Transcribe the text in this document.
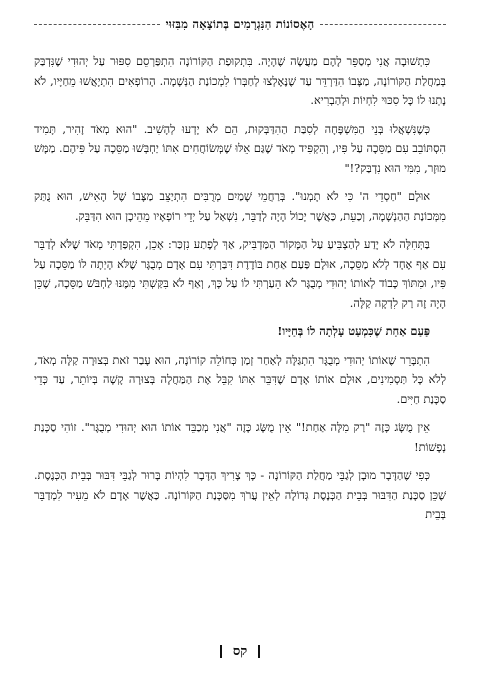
הָאֶסוֹנוֹת הַנִּגְרָמִים בְּתוֹצָאָה מִבִּזּוּי

כִּתְשׁוּבָה אֲנִי מְסַפֵּר לָהֶם מַעֲשֶׂה שֶׁהָיָה. בִּתְקוּפַת הַקּוֹרוֹנָה הִתְפַּרְסֵם סִפּוּר עַל יְהוּדִי שֶׁנִּדְבַּק בְּמַחֲלַת הַקּוֹרוֹנָה, מַצָּבוֹ הִדַּרְדֵּר עַד שֶׁנֶּאֶלְצוּ לְחַבְּרוֹ לִמְכוֹנַת הַנְּשָׁמָה. הָרוֹפְאִים הִתְיָאֲשׁוּ מֵחַיָּיו, לֹא נָתְנוּ לוֹ כָּל סִכּוּי לִחְיוֹת וּלְהַבְרִיא.

כְּשֶׁנִּשְׁאֲלוּ בְּנֵי הַמִּשְׁפָּחָה לְסִבַּת הַהִדַּבְּקוּת, הֵם לֹא יָדְעוּ לְהָשִׁיב. "הוּא מְאֹד זָהִיר, תָּמִיד הִסְתּוֹבֵב עִם מַסֵּכָה עַל פִּיו, וְהִקְפִּיד מְאֹד שֶׁגַּם אֵלּוּ שֶׁמְּשׂוֹחֲחִים אִתּוֹ יַחְבְּשׁוּ מַסֵּכָה עַל פִּיהֶם. מַמָּשׁ מוּזָר, מִמִּי הוּא נִדְבַּק?!"

אוּלָם "חַסְדֵי ה' כִּי לֹא תָמְנוּ". בְּרַחֲמֵי שָׁמַיִם מְרֻבִּים הִתְיַצֵּב מַצָּבוֹ שֶׁל הָאִישׁ, הוּא נֻתַּק מִמְּכוֹנַת הַהַנְשָׁמָה, וְכַעֵת, כַּאֲשֶׁר יָכוֹל הָיָה לְדַבֵּר, נִשְׁאַל עַל יְדֵי רוֹפְאָיו מֵהֵיכָן הוּא הִדַּבֵּק.

בַּתְּחִלָּה לֹא יָדַע לְהַצְבִּיעַ עַל הַמָּקוֹר הַמַּדְבִּיק, אַךְ לְפֶתַע נִזְכַּר: אָכֵן, הִקְפַּדְתִּי מְאֹד שֶׁלֹּא לְדַבֵּר עִם אַף אֶחָד לְלֹא מַסֵּכָה, אוּלָם פַּעַם אַחַת בּוֹדֶדֶת דִּבַּרְתִּי עִם אָדָם מְבֻגָּר שֶׁלֹּא הָיְתָה לוֹ מַסֵּכָה עַל פִּיו, וּמִתּוֹךְ כָּבוֹד לְאוֹתוֹ יְהוּדִי מְבֻגָּר לֹא הֵעַרְתִּי לוֹ עַל כָּךְ, וְאַף לֹא בִּקַּשְׁתִּי מִמֶּנּוּ לַחְבֹּשׁ מַסֵּכָה, שֶׁכֵּן הָיָה זֶה רַק לִדְקָה קַלָּה.

פַּעַם אַחַת שֶׁכִּמְעַט עָלְתָה לוֹ בְּחַיָּיו!

הִתְבָּרֵר שֶׁאוֹתוֹ יְהוּדִי מְבֻגָּר הִתְגַּלָּה לְאַחַר זְמַן כְּחוֹלֵה קוֹרוֹנָה, הוּא עָבַר זֹאת בְּצוּרָה קַלָּה מְאֹד, לְלֹא כָּל תַּסְמִינִים, אוּלָם אוֹתוֹ אָדָם שֶׁדִּבֵּר אִתּוֹ קִבֵּל אֶת הַמַּחֲלָה בְּצוּרָה קָשָׁה בְּיוֹתֵר, עַד כְּדֵי סַכָּנַת חַיִּים.

אֵין מֻשָּׂג כָּזֶה "רַק מִלָּה אַחַת!" אֵין מֻשָּׂג כָּזֶה "אֲנִי מְכַבֵּד אוֹתוֹ הוּא יְהוּדִי מְבֻגָּר". זוֹהִי סַכָּנַת נְפָשׁוֹת!

כְּפִי שֶׁהַדָּבָר מוּבָן לְגַבֵּי מַחֲלַת הַקּוֹרוֹנָה - כָּךְ צָרִיךְ הַדָּבָר לִהְיוֹת בָּרוּר לְגַבֵּי דִּבּוּר בְּבֵית הַכְּנֶסֶת. שֶׁכֵּן סַכָּנַת הַדִּבּוּר בְּבֵית הַכְּנֶסֶת גְּדוֹלָה לְאֵין עֲרֹךְ מִסַּכָּנַת הַקּוֹרוֹנָה. כַּאֲשֶׁר אָדָם לֹא מֵעִיר לִמְדַבֵּר בְּבֵית

קס
